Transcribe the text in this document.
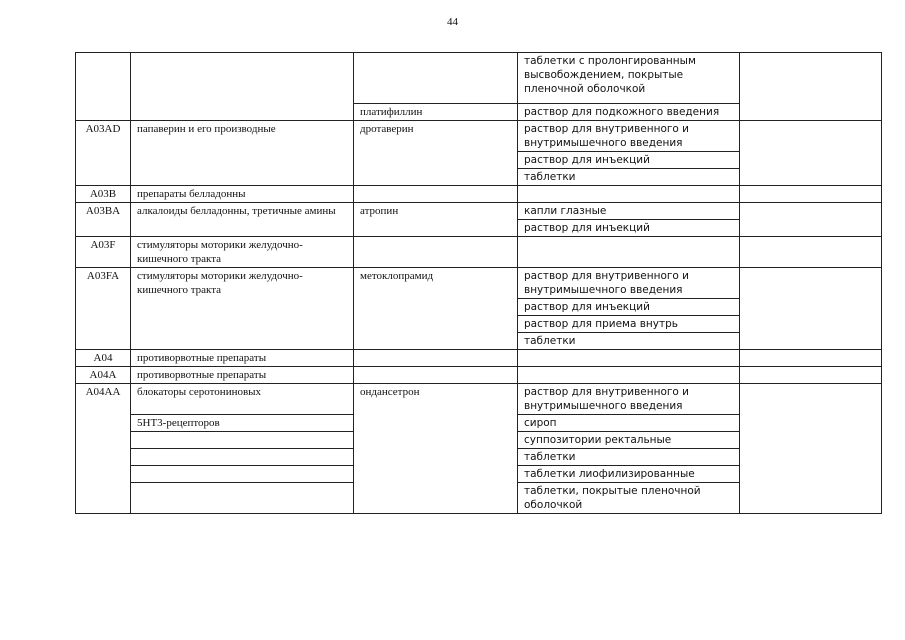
44
			таблетки с пролонгированным высвобождением, покрытые пленочной оболочкой	
		платифиллин	раствор для подкожного введения	
A03AD	папаверин и его производные	дротаверин	раствор для внутривенного и внутримышечного введения	
			раствор для инъекций	
			таблетки	
A03B	препараты белладонны			
A03BA	алкалоиды белладонны, третичные амины	атропин	капли глазные	
			раствор для инъекций	
A03F	стимуляторы моторики желудочно-кишечного тракта			
A03FA	стимуляторы моторики желудочно-кишечного тракта	метоклопрамид	раствор для внутривенного и внутримышечного введения	
			раствор для инъекций	
			раствор для приема внутрь	
			таблетки	
A04	противорвотные препараты			
A04A	противорвотные препараты			
A04AA	блокаторы серотониновых	ондансетрон	раствор для внутривенного и внутримышечного введения	
	5HT3-рецепторов		сироп	
			суппозитории ректальные	
			таблетки	
			таблетки лиофилизированные	
			таблетки, покрытые пленочной оболочкой	
